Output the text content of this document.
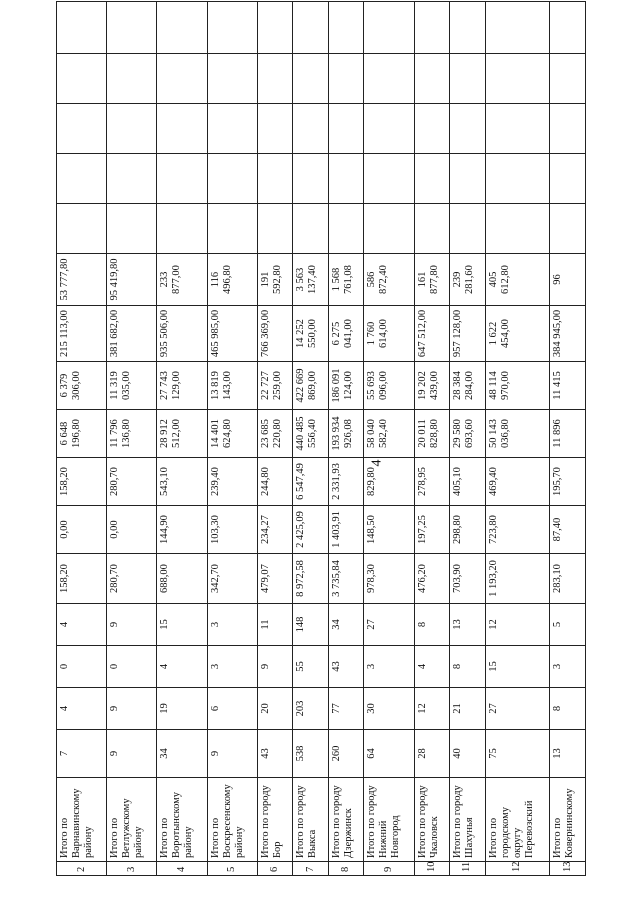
4
2	Итого по Варнавинскому району	7	4	0	4	158,20	0,00	158,20	6 648 196,80	6 379 306,00	215 113,00	53 777,80					
3	Итого по Ветлужскому району	9	9	0	9	280,70	0,00	280,70	11 796 136,80	11 319 035,00	381 682,00	95 419,80					
4	Итого по Воротынскому району	34	19	4	15	688,00	144,90	543,10	28 912 512,00	27 743 129,00	935 506,00	233 877,00					
5	Итого по Воскресенскому району	9	6	3	3	342,70	103,30	239,40	14 401 624,80	13 819 143,00	465 985,00	116 496,80					
6	Итого по городу Бор	43	20	9	11	479,07	234,27	244,80	23 685 220,80	22 727 259,00	766 369,00	191 592,80					
7	Итого по городу Выкса	538	203	55	148	8 972,58	2 425,09	6 547,49	440 485 556,40	422 669 869,00	14 252 550,00	3 563 137,40					
8	Итого по городу Дзержинск	260	77	43	34	3 735,84	1 403,91	2 331,93	193 934 926,08	186 091 124,00	6 275 041,00	1 568 761,08					
9	Итого по городу Нижний Новгород	64	30	3	27	978,30	148,50	829,80	58 040 582,40	55 693 096,00	1 760 614,00	586 872,40					
10	Итого по городу Чкаловск	28	12	4	8	476,20	197,25	278,95	20 011 828,80	19 202 439,00	647 512,00	161 877,80					
11	Итого по городу Шахунья	40	21	8	13	703,90	298,80	405,10	29 580 693,60	28 384 284,00	957 128,00	239 281,60					
12	Итого по городскому округу Перевозский	75	27	15	12	1 193,20	723,80	469,40	50 143 036,80	48 114 970,00	1 622 454,00	405 612,80					
13	Итого по Ковернинскому	13	8	3	5	283,10	87,40	195,70	11 896	11 415	384 945,00	96					
